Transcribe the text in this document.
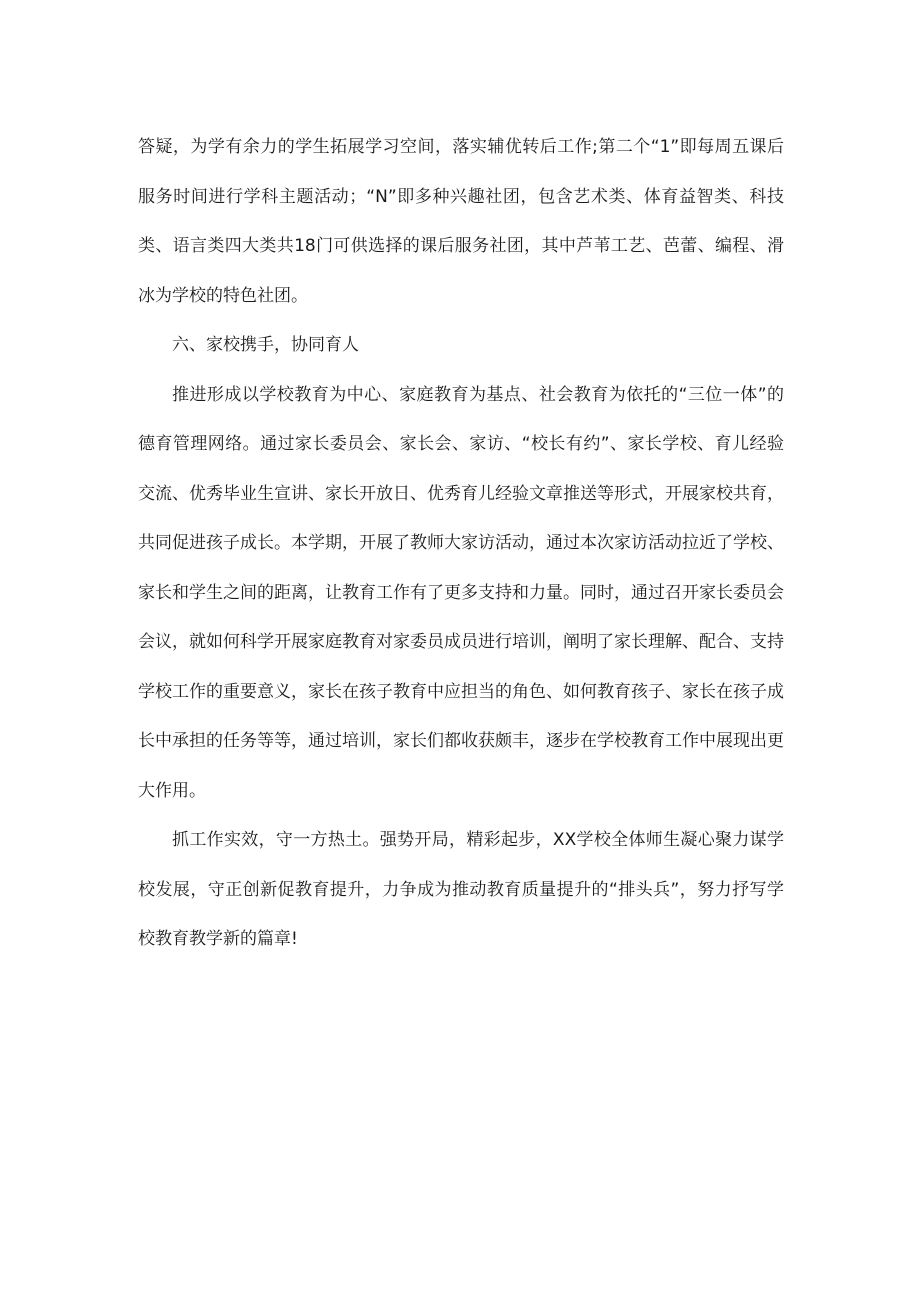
答疑，为学有余力的学生拓展学习空间，落实辅优转后工作;第二个“1”即每周五课后服务时间进行学科主题活动；“N”即多种兴趣社团，包含艺术类、体育益智类、科技类、语言类四大类共18门可供选择的课后服务社团，其中芦苇工艺、芭蕾、编程、滑冰为学校的特色社团。

六、家校携手，协同育人

推进形成以学校教育为中心、家庭教育为基点、社会教育为依托的“三位一体”的德育管理网络。通过家长委员会、家长会、家访、“校长有约”、家长学校、育儿经验交流、优秀毕业生宣讲、家长开放日、优秀育儿经验文章推送等形式，开展家校共育，共同促进孩子成长。本学期，开展了教师大家访活动，通过本次家访活动拉近了学校、家长和学生之间的距离，让教育工作有了更多支持和力量。同时，通过召开家长委员会会议，就如何科学开展家庭教育对家委员成员进行培训，阐明了家长理解、配合、支持学校工作的重要意义，家长在孩子教育中应担当的角色、如何教育孩子、家长在孩子成长中承担的任务等等，通过培训，家长们都收获颇丰，逐步在学校教育工作中展现出更大作用。

抓工作实效，守一方热土。强势开局，精彩起步，XX学校全体师生凝心聚力谋学校发展，守正创新促教育提升，力争成为推动教育质量提升的“排头兵”，努力抒写学校教育教学新的篇章!
